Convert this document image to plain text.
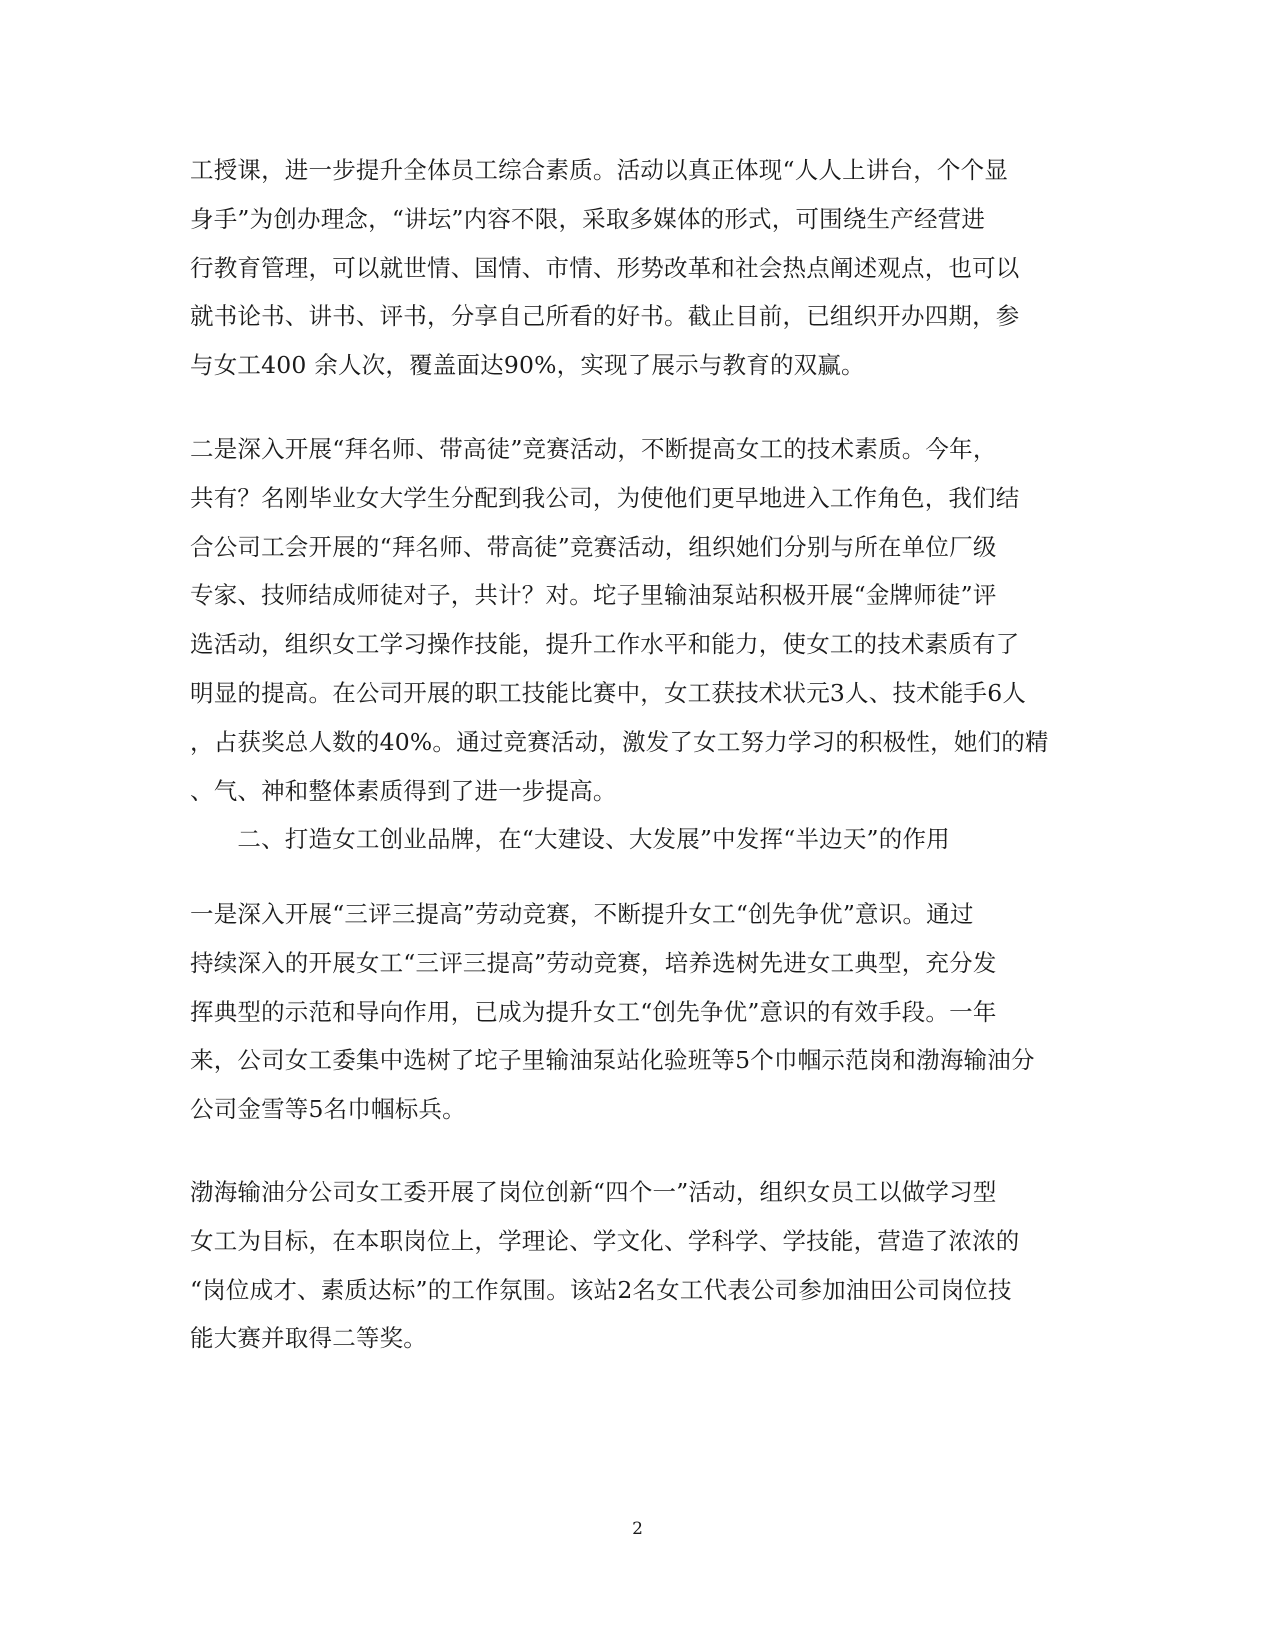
工授课，进一步提升全体员工综合素质。活动以真正体现“人人上讲台，个个显
身手”为创办理念，“讲坛”内容不限，采取多媒体的形式，可围绕生产经营进
行教育管理，可以就世情、国情、市情、形势改革和社会热点阐述观点，也可以
就书论书、讲书、评书，分享自己所看的好书。截止目前，已组织开办四期，参
与女工400 余人次，覆盖面达90%，实现了展示与教育的双赢。
二是深入开展“拜名师、带高徒”竞赛活动，不断提高女工的技术素质。今年，
共有？名刚毕业女大学生分配到我公司，为使他们更早地进入工作角色，我们结
合公司工会开展的“拜名师、带高徒”竞赛活动，组织她们分别与所在单位厂级
专家、技师结成师徒对子，共计？对。坨子里输油泵站积极开展“金牌师徒”评
选活动，组织女工学习操作技能，提升工作水平和能力，使女工的技术素质有了
明显的提高。在公司开展的职工技能比赛中，女工获技术状元3人、技术能手6人
，占获奖总人数的40%。通过竞赛活动，激发了女工努力学习的积极性，她们的精
、气、神和整体素质得到了进一步提高。
　　二、打造女工创业品牌，在“大建设、大发展”中发挥“半边天”的作用
一是深入开展“三评三提高”劳动竞赛，不断提升女工“创先争优”意识。通过
持续深入的开展女工“三评三提高”劳动竞赛，培养选树先进女工典型，充分发
挥典型的示范和导向作用，已成为提升女工“创先争优”意识的有效手段。一年
来，公司女工委集中选树了坨子里输油泵站化验班等5个巾帼示范岗和渤海输油分
公司金雪等5名巾帼标兵。
渤海输油分公司女工委开展了岗位创新“四个一”活动，组织女员工以做学习型
女工为目标，在本职岗位上，学理论、学文化、学科学、学技能，营造了浓浓的
“岗位成才、素质达标”的工作氛围。该站2名女工代表公司参加油田公司岗位技
能大赛并取得二等奖。
2
